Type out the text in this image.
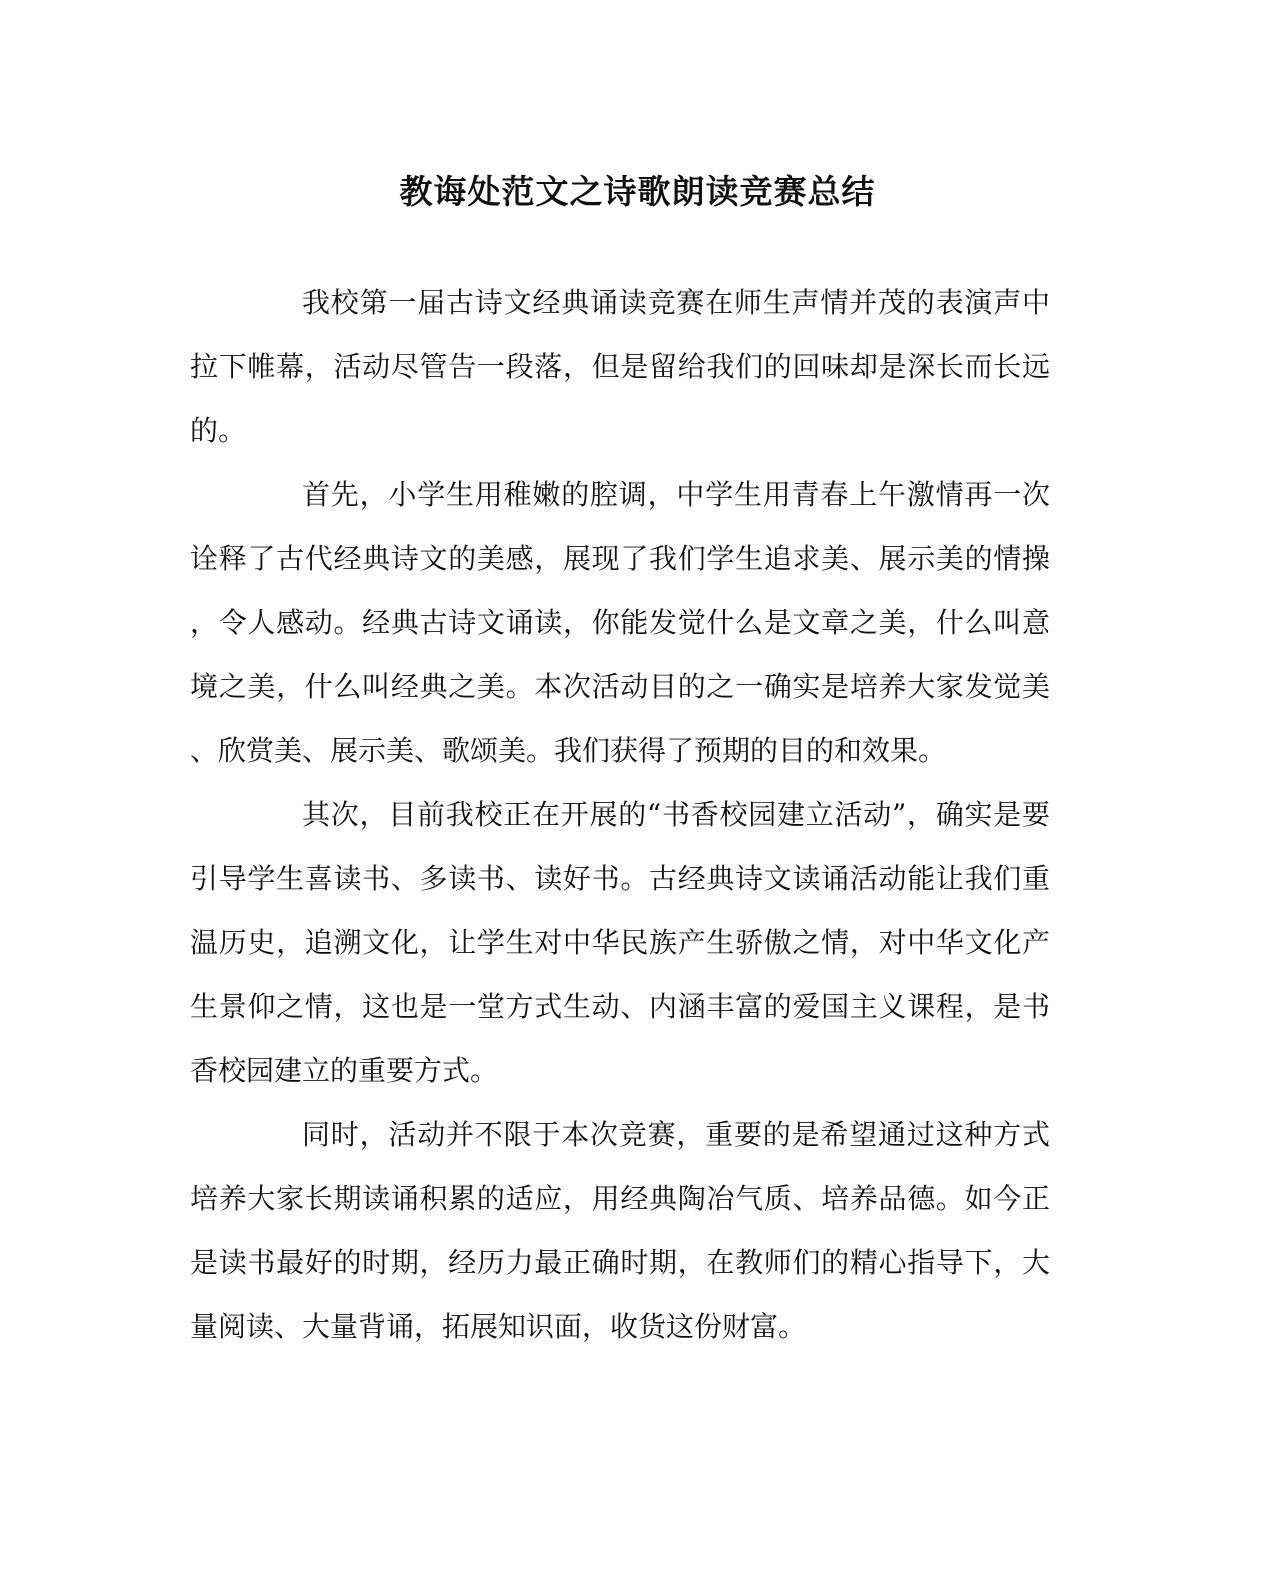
教诲处范文之诗歌朗读竞赛总结

我校第一届古诗文经典诵读竞赛在师生声情并茂的表演声中拉下帷幕，活动尽管告一段落，但是留给我们的回味却是深长而长远的。

首先，小学生用稚嫩的腔调，中学生用青春上午激情再一次诠释了古代经典诗文的美感，展现了我们学生追求美、展示美的情操，令人感动。经典古诗文诵读，你能发觉什么是文章之美，什么叫意境之美，什么叫经典之美。本次活动目的之一确实是培养大家发觉美、欣赏美、展示美、歌颂美。我们获得了预期的目的和效果。

其次，目前我校正在开展的“书香校园建立活动”，确实是要引导学生喜读书、多读书、读好书。古经典诗文读诵活动能让我们重温历史，追溯文化，让学生对中华民族产生骄傲之情，对中华文化产生景仰之情，这也是一堂方式生动、内涵丰富的爱国主义课程，是书香校园建立的重要方式。

同时，活动并不限于本次竞赛，重要的是希望通过这种方式培养大家长期读诵积累的适应，用经典陶冶气质、培养品德。如今正是读书最好的时期，经历力最正确时期，在教师们的精心指导下，大量阅读、大量背诵，拓展知识面，收货这份财富。
